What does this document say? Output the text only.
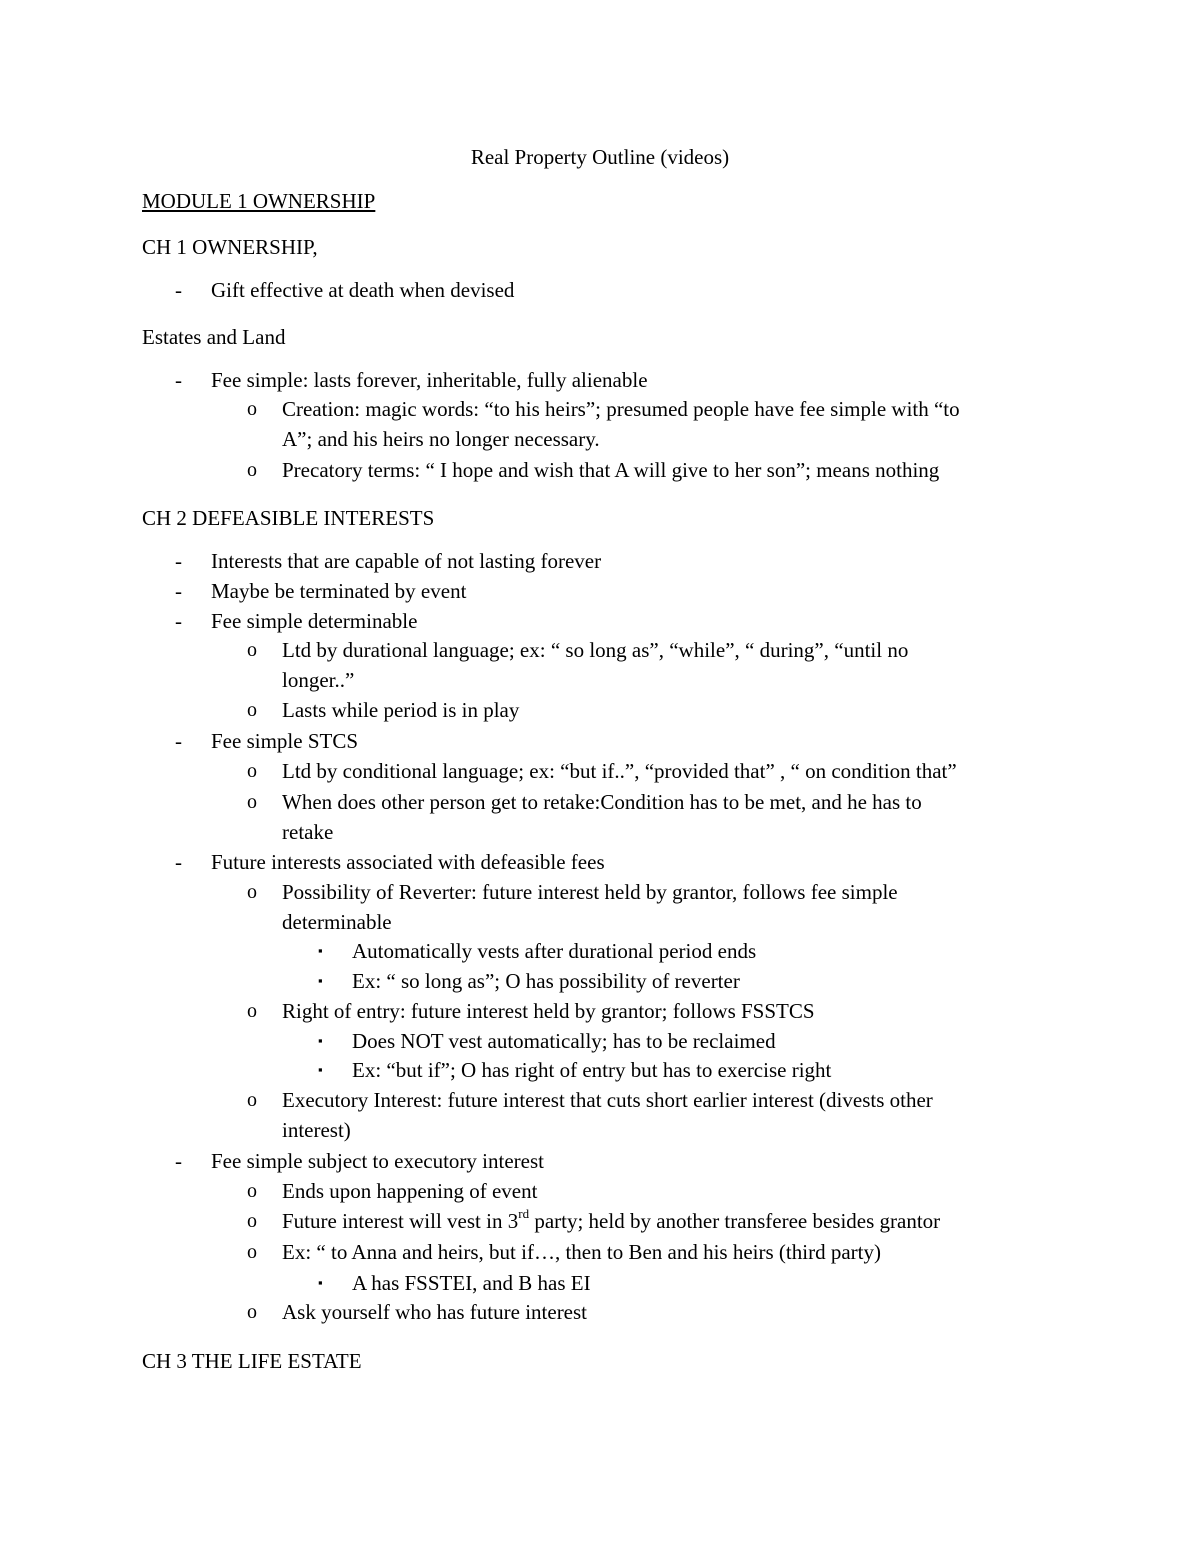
Real Property Outline (videos)
MODULE 1 OWNERSHIP
CH 1 OWNERSHIP,
- Gift effective at death when devised
Estates and Land
- Fee simple: lasts forever, inheritable, fully alienable
o Creation: magic words: “to his heirs”; presumed people have fee simple with “to
A”; and his heirs no longer necessary.
o Precatory terms: “ I hope and wish that A will give to her son”; means nothing
CH 2 DEFEASIBLE INTERESTS
- Interests that are capable of not lasting forever
- Maybe be terminated by event
- Fee simple determinable
o Ltd by durational language; ex: “ so long as”, “while”, “ during”, “until no
longer..”
o Lasts while period is in play
- Fee simple STCS
o Ltd by conditional language; ex: “but if..”, “provided that” , “ on condition that”
o When does other person get to retake:Condition has to be met, and he has to
retake
- Future interests associated with defeasible fees
o Possibility of Reverter: future interest held by grantor, follows fee simple
determinable
▪ Automatically vests after durational period ends
▪ Ex: “ so long as”; O has possibility of reverter
o Right of entry: future interest held by grantor; follows FSSTCS
▪ Does NOT vest automatically; has to be reclaimed
▪ Ex: “but if”; O has right of entry but has to exercise right
o Executory Interest: future interest that cuts short earlier interest (divests other
interest)
- Fee simple subject to executory interest
o Ends upon happening of event
o Future interest will vest in 3rd party; held by another transferee besides grantor
o Ex: “ to Anna and heirs, but if…, then to Ben and his heirs (third party)
▪ A has FSSTEI, and B has EI
o Ask yourself who has future interest
CH 3 THE LIFE ESTATE
